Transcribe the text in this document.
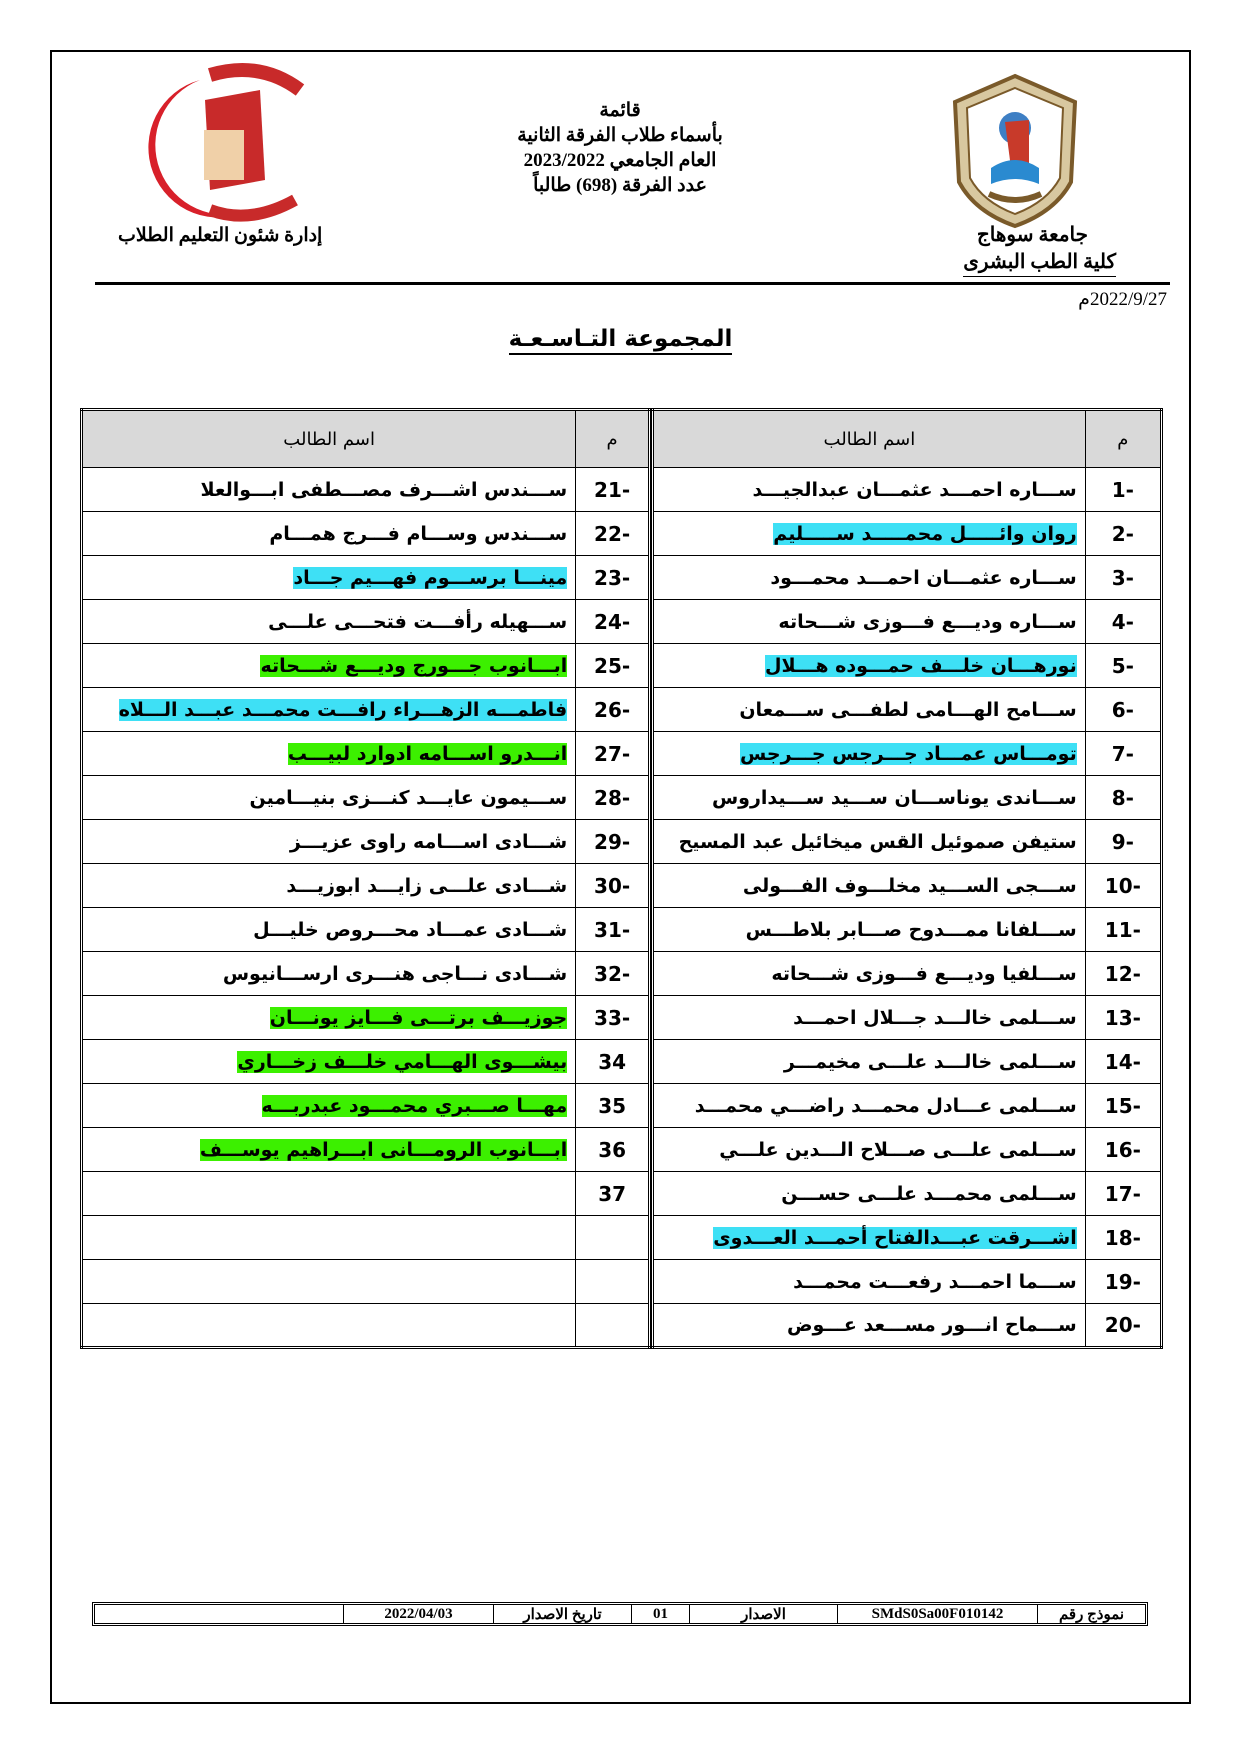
قائمة
بأسماء طلاب الفرقة الثانية
العام الجامعي 2023/2022
عدد الفرقة (698) طالباً
جامعة سوهاج
كلية الطب البشرى
إدارة شئون التعليم الطلاب
2022/9/27م
المجموعة التـاسـعـة
م	اسم الطالب
1-	ســـاره احمـــد عثمـــان عبدالجيـــد
2-	روان وائـــــل محمـــــد ســـــليم
3-	ســـاره عثمـــان احمـــد محمـــود
4-	ســـاره وديـــع فـــوزى شـــحاته
5-	نورهـــان خلـــف حمـــوده هـــلال
6-	ســـامح الهـــامى لطفـــى ســـمعان
7-	تومـــاس عمـــاد جـــرجس جـــرجس
8-	ســـاندى يوناســـان ســـيد ســـيداروس
9-	ستيفن صموئيل القس ميخائيل عبد المسيح
10-	ســـجى الســـيد مخلـــوف الفـــولى
11-	ســـلفانا ممـــدوح صـــابر بلاطـــس
12-	ســـلفيا وديـــع فـــوزى شـــحاته
13-	ســـلمى خالـــد جـــلال احمـــد
14-	ســـلمى خالـــد علـــى مخيمـــر
15-	ســـلمى عـــادل محمـــد راضـــي محمـــد
16-	ســـلمى علـــى صـــلاح الـــدين علـــي
17-	ســـلمى محمـــد علـــى حســـن
18-	اشـــرقت عبـــدالفتاح أحمـــد العـــدوى
19-	ســـما احمـــد رفعـــت محمـــد
20-	ســـماح انـــور مســـعد عـــوض
م	اسم الطالب
21-	ســـندس اشـــرف مصـــطفى ابـــوالعلا
22-	ســـندس وســـام فـــرج همـــام
23-	مينـــا برســـوم فهـــيم جـــاد
24-	ســـهيله رأفـــت فتحـــى علـــى
25-	ابـــانوب جـــورج وديـــع شـــحاته
26-	فاطمـــه الزهـــراء رافـــت محمـــد عبـــد الـــلاه
27-	انـــدرو اســـامه ادوارد لبيـــب
28-	ســـيمون عايـــد كنـــزى بنيـــامين
29-	شـــادى اســـامه راوى عزيـــز
30-	شـــادى علـــى زايـــد ابوزيـــد
31-	شـــادى عمـــاد محـــروص خليـــل
32-	شـــادى نـــاجى هنـــرى ارســـانيوس
33-	جوزيـــف برتـــى فـــايز يونـــان
34	بيشـــوى الهـــامي خلـــف زخـــاري
35	مهـــا صـــبري محمـــود عبدربـــه
36	ابـــانوب الرومـــانى ابـــراهيم يوســـف
37	

نموذج رقم
SMdS0Sa00F010142
الاصدار
01
تاريخ الاصدار
2022/04/03
